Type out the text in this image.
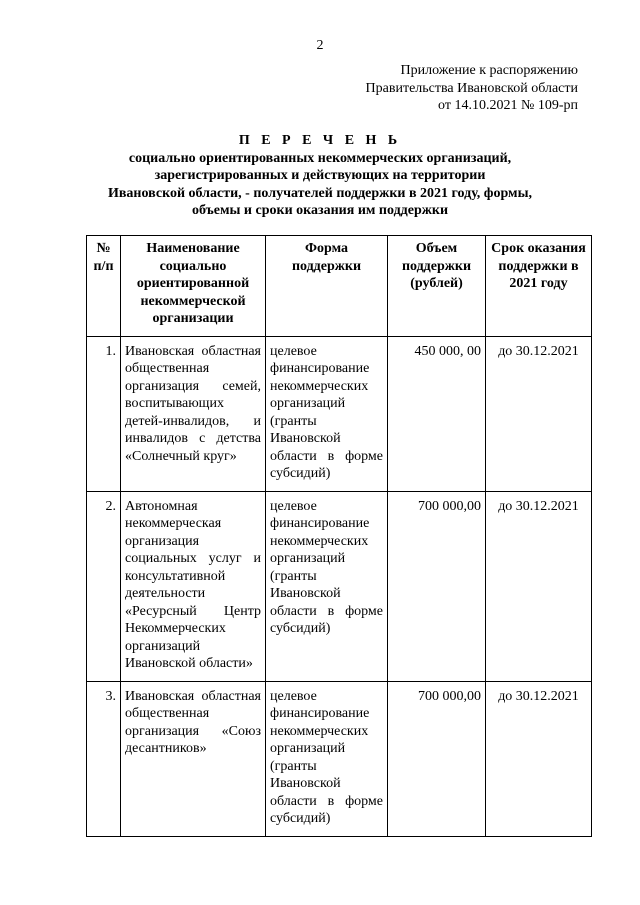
2
Приложение к распоряжению
Правительства Ивановской области
от 14.10.2021 № 109-рп
П Е Р Е Ч Е Н Ь
социально ориентированных некоммерческих организаций,
зарегистрированных и действующих на территории
Ивановской области, - получателей поддержки в 2021 году, формы,
объемы и сроки оказания им поддержки
№ п/п	Наименование социально ориентированной некоммерческой организации	Форма поддержки	Объем поддержки (рублей)	Срок оказания поддержки в 2021 году
1.	Ивановская областная общественная организация семей, воспитывающих детей-инвалидов, и инвалидов с детства «Солнечный круг»	целевое финансирование некоммерческих организаций (гранты Ивановской области в форме субсидий)	450 000, 00	до 30.12.2021
2.	Автономная некоммерческая организация социальных услуг и консультативной деятельности «Ресурсный Центр Некоммерческих организаций Ивановской области»	целевое финансирование некоммерческих организаций (гранты Ивановской области в форме субсидий)	700 000,00	до 30.12.2021
3.	Ивановская областная общественная организация «Союз десантников»	целевое финансирование некоммерческих организаций (гранты Ивановской области в форме субсидий)	700 000,00	до 30.12.2021
